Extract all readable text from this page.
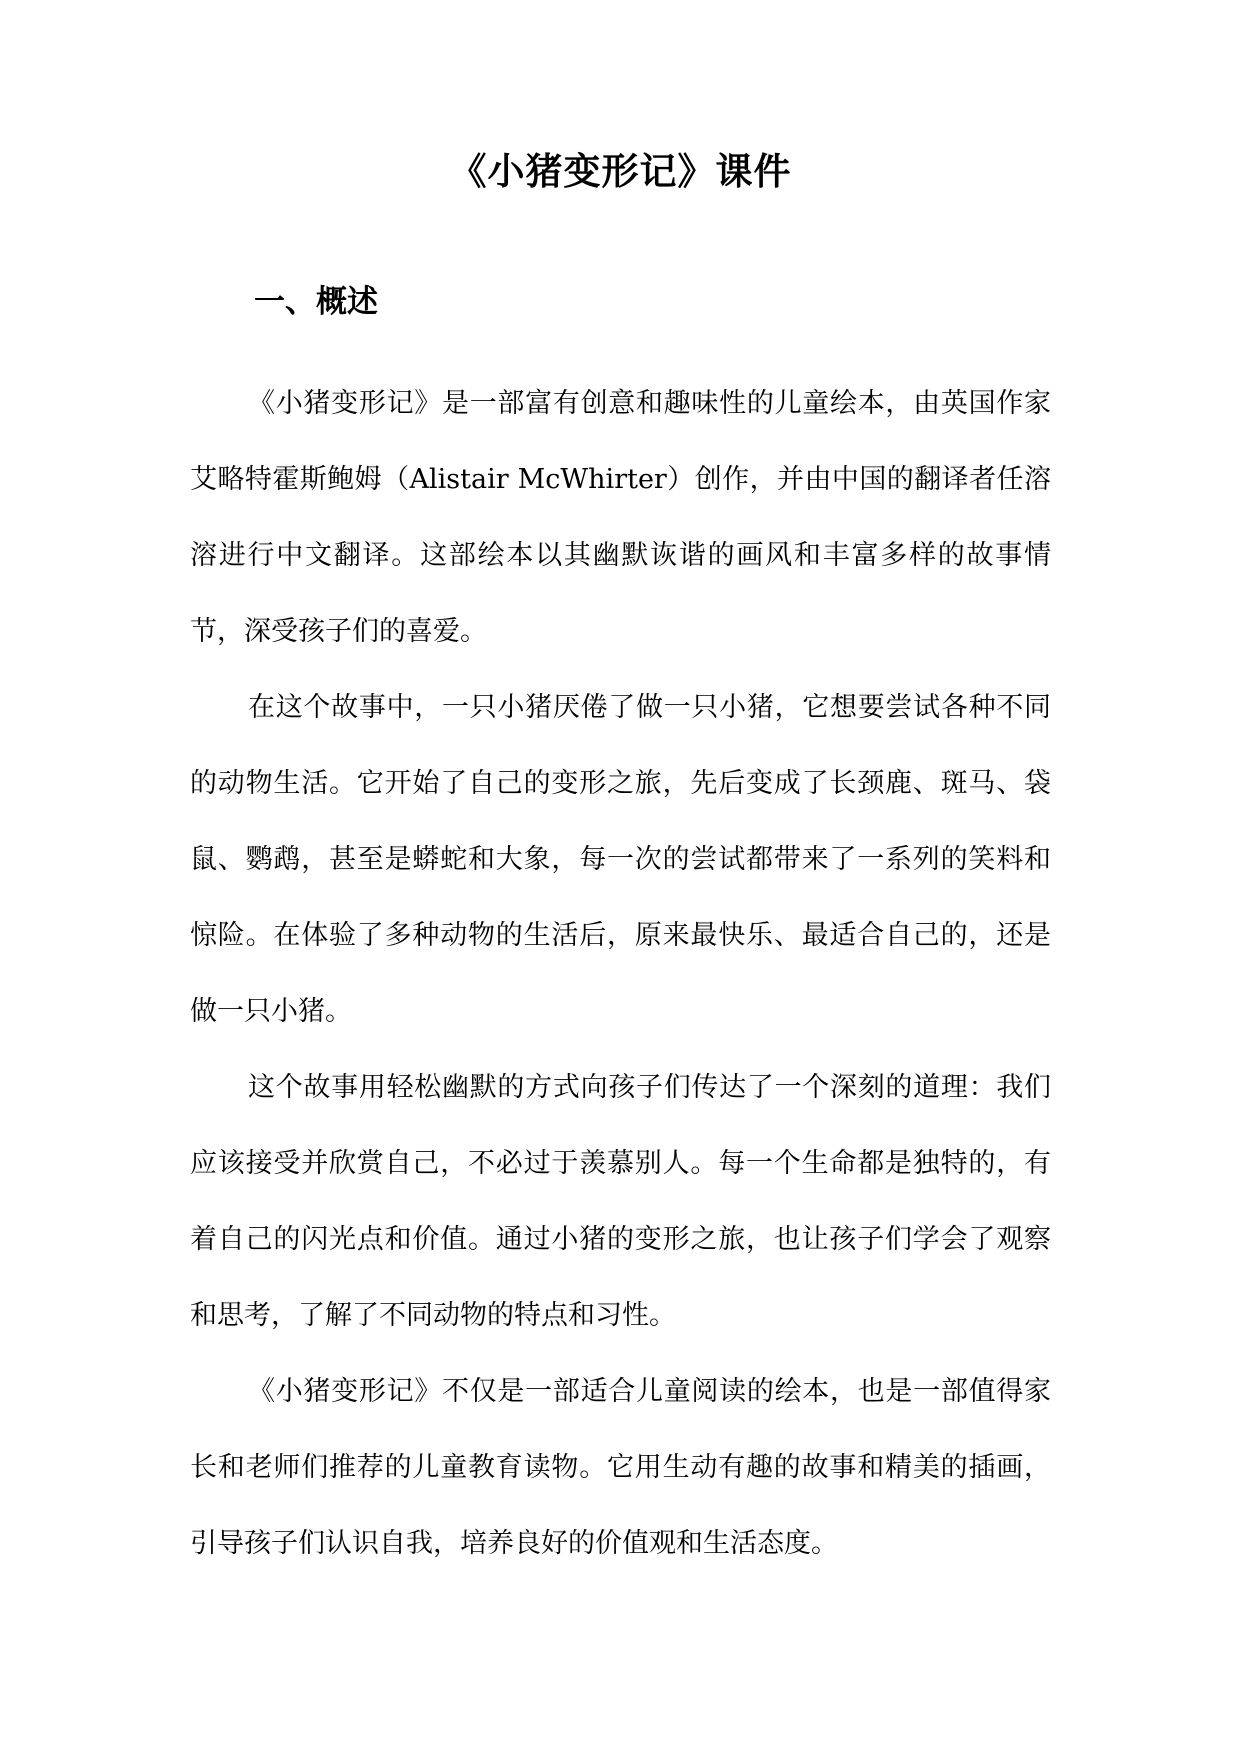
《小猪变形记》课件
一、概述

《小猪变形记》是一部富有创意和趣味性的儿童绘本，由英国作家艾略特霍斯鲍姆（Alistair McWhirter）创作，并由中国的翻译者任溶溶进行中文翻译。这部绘本以其幽默诙谐的画风和丰富多样的故事情节，深受孩子们的喜爱。

在这个故事中，一只小猪厌倦了做一只小猪，它想要尝试各种不同的动物生活。它开始了自己的变形之旅，先后变成了长颈鹿、斑马、袋鼠、鹦鹉，甚至是蟒蛇和大象，每一次的尝试都带来了一系列的笑料和惊险。在体验了多种动物的生活后，原来最快乐、最适合自己的，还是做一只小猪。

这个故事用轻松幽默的方式向孩子们传达了一个深刻的道理：我们应该接受并欣赏自己，不必过于羡慕别人。每一个生命都是独特的，有着自己的闪光点和价值。通过小猪的变形之旅，也让孩子们学会了观察和思考，了解了不同动物的特点和习性。

《小猪变形记》不仅是一部适合儿童阅读的绘本，也是一部值得家长和老师们推荐的儿童教育读物。它用生动有趣的故事和精美的插画，引导孩子们认识自我，培养良好的价值观和生活态度。
